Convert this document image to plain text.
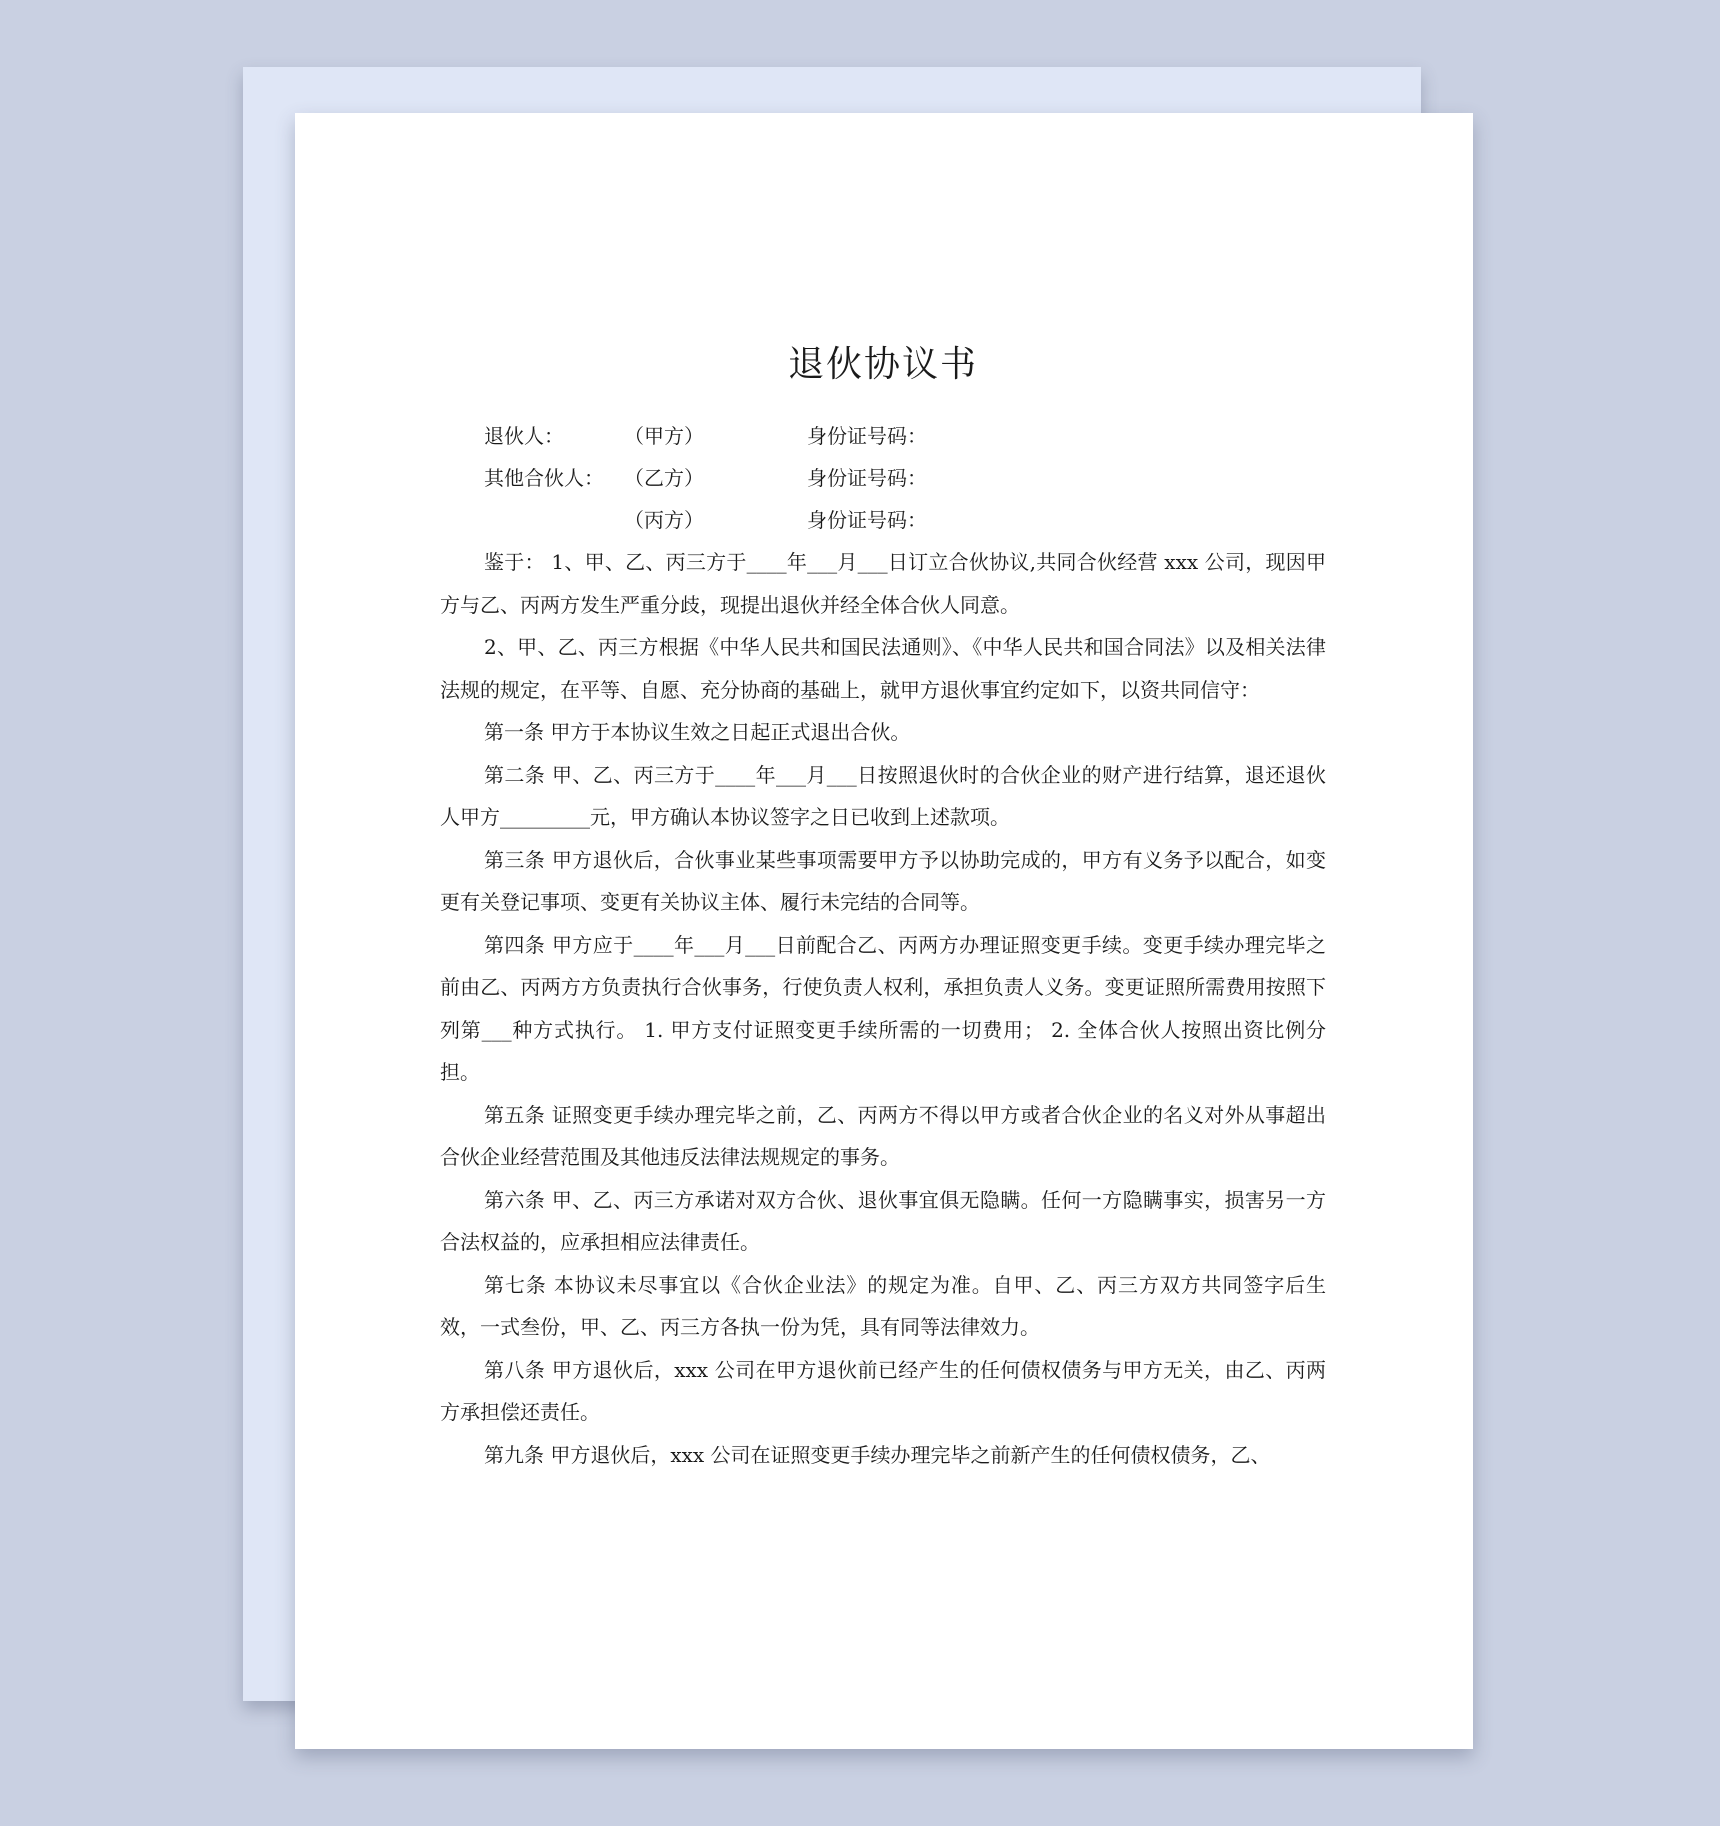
退伙协议书
退伙人：	（甲方）	身份证号码：
其他合伙人：	（乙方）	身份证号码：
（丙方）	身份证号码：

鉴于： 1、甲、乙、丙三方于____年___月___日订立合伙协议,共同合伙经营 xxx 公司，现因甲方与乙、丙两方发生严重分歧，现提出退伙并经全体合伙人同意。

2、甲、乙、丙三方根据《中华人民共和国民法通则》、《中华人民共和国合同法》以及相关法律法规的规定，在平等、自愿、充分协商的基础上，就甲方退伙事宜约定如下，以资共同信守：

第一条 甲方于本协议生效之日起正式退出合伙。

第二条 甲、乙、丙三方于____年___月___日按照退伙时的合伙企业的财产进行结算，退还退伙人甲方_________元，甲方确认本协议签字之日已收到上述款项。

第三条 甲方退伙后，合伙事业某些事项需要甲方予以协助完成的，甲方有义务予以配合，如变更有关登记事项、变更有关协议主体、履行未完结的合同等。

第四条 甲方应于____年___月___日前配合乙、丙两方办理证照变更手续。变更手续办理完毕之前由乙、丙两方方负责执行合伙事务，行使负责人权利，承担负责人义务。变更证照所需费用按照下列第___种方式执行。 1. 甲方支付证照变更手续所需的一切费用； 2. 全体合伙人按照出资比例分担。

第五条 证照变更手续办理完毕之前，乙、丙两方不得以甲方或者合伙企业的名义对外从事超出合伙企业经营范围及其他违反法律法规规定的事务。

第六条 甲、乙、丙三方承诺对双方合伙、退伙事宜俱无隐瞒。任何一方隐瞒事实，损害另一方合法权益的，应承担相应法律责任。

第七条 本协议未尽事宜以《合伙企业法》的规定为准。自甲、乙、丙三方双方共同签字后生效，一式叁份，甲、乙、丙三方各执一份为凭，具有同等法律效力。

第八条 甲方退伙后，xxx 公司在甲方退伙前已经产生的任何债权债务与甲方无关，由乙、丙两方承担偿还责任。

第九条 甲方退伙后，xxx 公司在证照变更手续办理完毕之前新产生的任何债权债务，乙、
